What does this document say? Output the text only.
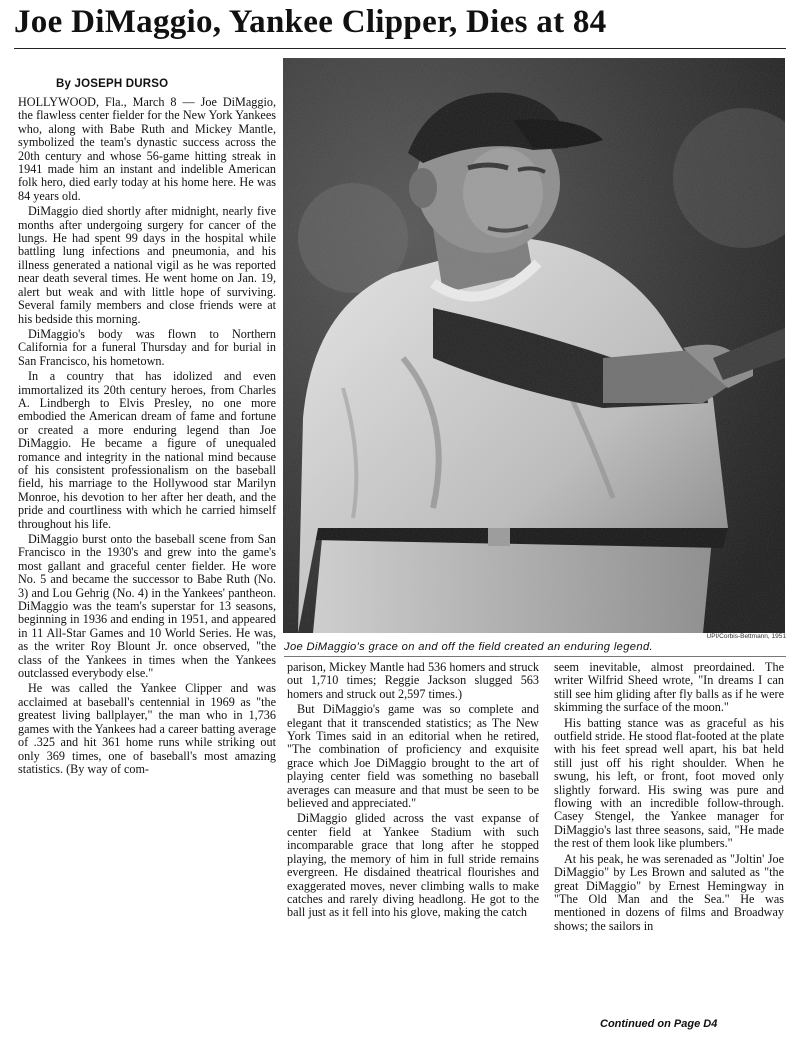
Joe DiMaggio, Yankee Clipper, Dies at 84
By JOSEPH DURSO

HOLLYWOOD, Fla., March 8 — Joe DiMaggio, the flawless center fielder for the New York Yankees who, along with Babe Ruth and Mickey Mantle, symbolized the team's dynastic success across the 20th century and whose 56-game hitting streak in 1941 made him an instant and indelible American folk hero, died early today at his home here. He was 84 years old.

DiMaggio died shortly after midnight, nearly five months after undergoing surgery for cancer of the lungs. He had spent 99 days in the hospital while battling lung infections and pneumonia, and his illness generated a national vigil as he was reported near death several times. He went home on Jan. 19, alert but weak and with little hope of surviving. Several family members and close friends were at his bedside this morning.

DiMaggio's body was flown to Northern California for a funeral Thursday and for burial in San Francisco, his hometown.

In a country that has idolized and even immortalized its 20th century heroes, from Charles A. Lindbergh to Elvis Presley, no one more embodied the American dream of fame and fortune or created a more enduring legend than Joe DiMaggio. He became a figure of unequaled romance and integrity in the national mind because of his consistent professionalism on the baseball field, his marriage to the Hollywood star Marilyn Monroe, his devotion to her after her death, and the pride and courtliness with which he carried himself throughout his life.

DiMaggio burst onto the baseball scene from San Francisco in the 1930's and grew into the game's most gallant and graceful center fielder. He wore No. 5 and became the successor to Babe Ruth (No. 3) and Lou Gehrig (No. 4) in the Yankees' pantheon. DiMaggio was the team's superstar for 13 seasons, beginning in 1936 and ending in 1951, and appeared in 11 All-Star Games and 10 World Series. He was, as the writer Roy Blount Jr. once observed, "the class of the Yankees in times when the Yankees outclassed everybody else."

He was called the Yankee Clipper and was acclaimed at baseball's centennial in 1969 as "the greatest living ballplayer," the man who in 1,736 games with the Yankees had a career batting average of .325 and hit 361 home runs while striking out only 369 times, one of baseball's most amazing statistics. (By way of com-

UPI/Corbis-Bettmann, 1951
Joe DiMaggio's grace on and off the field created an enduring legend.

parison, Mickey Mantle had 536 homers and struck out 1,710 times; Reggie Jackson slugged 563 homers and struck out 2,597 times.)

But DiMaggio's game was so complete and elegant that it transcended statistics; as The New York Times said in an editorial when he retired, "The combination of proficiency and exquisite grace which Joe DiMaggio brought to the art of playing center field was something no baseball averages can measure and that must be seen to be believed and appreciated."

DiMaggio glided across the vast expanse of center field at Yankee Stadium with such incomparable grace that long after he stopped playing, the memory of him in full stride remains evergreen. He disdained theatrical flourishes and exaggerated moves, never climbing walls to make catches and rarely diving headlong. He got to the ball just as it fell into his glove, making the catch

seem inevitable, almost preordained. The writer Wilfrid Sheed wrote, "In dreams I can still see him gliding after fly balls as if he were skimming the surface of the moon."

His batting stance was as graceful as his outfield stride. He stood flat-footed at the plate with his feet spread well apart, his bat held still just off his right shoulder. When he swung, his left, or front, foot moved only slightly forward. His swing was pure and flowing with an incredible follow-through. Casey Stengel, the Yankee manager for DiMaggio's last three seasons, said, "He made the rest of them look like plumbers."

At his peak, he was serenaded as "Joltin' Joe DiMaggio" by Les Brown and saluted as "the great DiMaggio" by Ernest Hemingway in "The Old Man and the Sea." He was mentioned in dozens of films and Broadway shows; the sailors in

Continued on Page D4
